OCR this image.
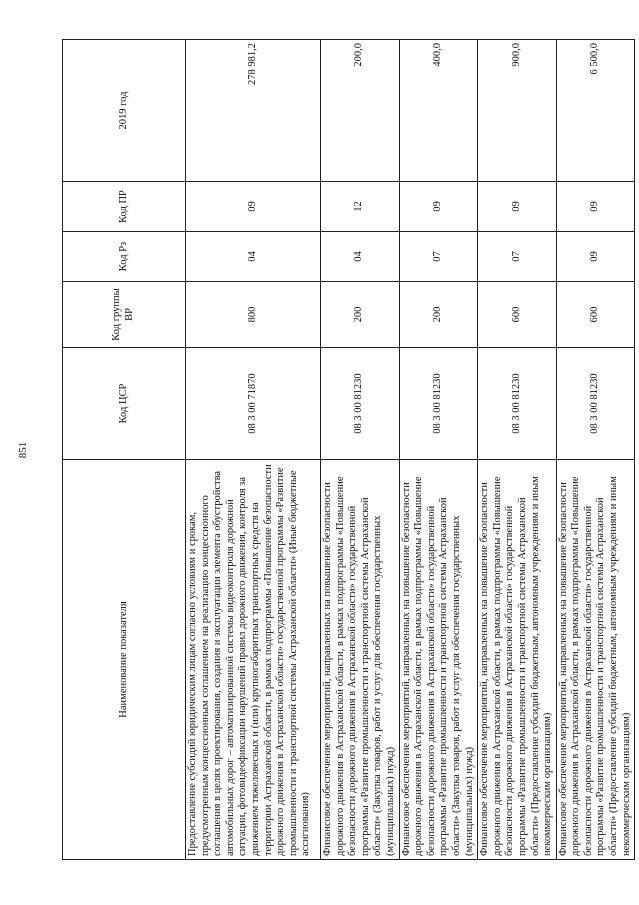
851
Наименование показателя	Код ЦСР	Код группы ВР	Код Рз	Код ПР	2019 год
Предоставление субсидий юридическим лицам согласно условиям и срокам, предусмотренным концессионным соглашением на реализацию концессионного соглашения в целях проектирования, создания и эксплуатации элемента обустройства автомобильных дорог – автоматизированной системы видеоконтроля дорожной ситуации, фотовидеофиксации нарушений правил дорожного движения, контроля за движением тяжеловесных и (или) крупногабаритных транспортных средств на территории Астраханской области, в рамках подпрограммы «Повышение безопасности дорожного движения в Астраханской области» государственной программы «Развитие промышленности и транспортной системы Астраханской области» (Иные бюджетные ассигнования)	08 3 00 71870	800	04	09	278 981,2
Финансовое обеспечение мероприятий, направленных на повышение безопасности дорожного движения в Астраханской области, в рамках подпрограммы «Повышение безопасности дорожного движения в Астраханской области» государственной программы «Развитие промышленности и транспортной системы Астраханской области» (Закупка товаров, работ и услуг для обеспечения государственных (муниципальных) нужд)	08 3 00 81230	200	04	12	200,0
Финансовое обеспечение мероприятий, направленных на повышение безопасности дорожного движения в Астраханской области, в рамках подпрограммы «Повышение безопасности дорожного движения в Астраханской области» государственной программы «Развитие промышленности и транспортной системы Астраханской области» (Закупка товаров, работ и услуг для обеспечения государственных (муниципальных) нужд)	08 3 00 81230	200	07	09	400,0
Финансовое обеспечение мероприятий, направленных на повышение безопасности дорожного движения в Астраханской области, в рамках подпрограммы «Повышение безопасности дорожного движения в Астраханской области» государственной программы «Развитие промышленности и транспортной системы Астраханской области» (Предоставление субсидий бюджетным, автономным учреждениям и иным некоммерческим организациям)	08 3 00 81230	600	07	09	900,0
Финансовое обеспечение мероприятий, направленных на повышение безопасности дорожного движения в Астраханской области, в рамках подпрограммы «Повышение безопасности дорожного движения в Астраханской области» государственной программы «Развитие промышленности и транспортной системы Астраханской области» (Предоставление субсидий бюджетным, автономным учреждениям и иным некоммерческим организациям)	08 3 00 81230	600	09	09	6 500,0
